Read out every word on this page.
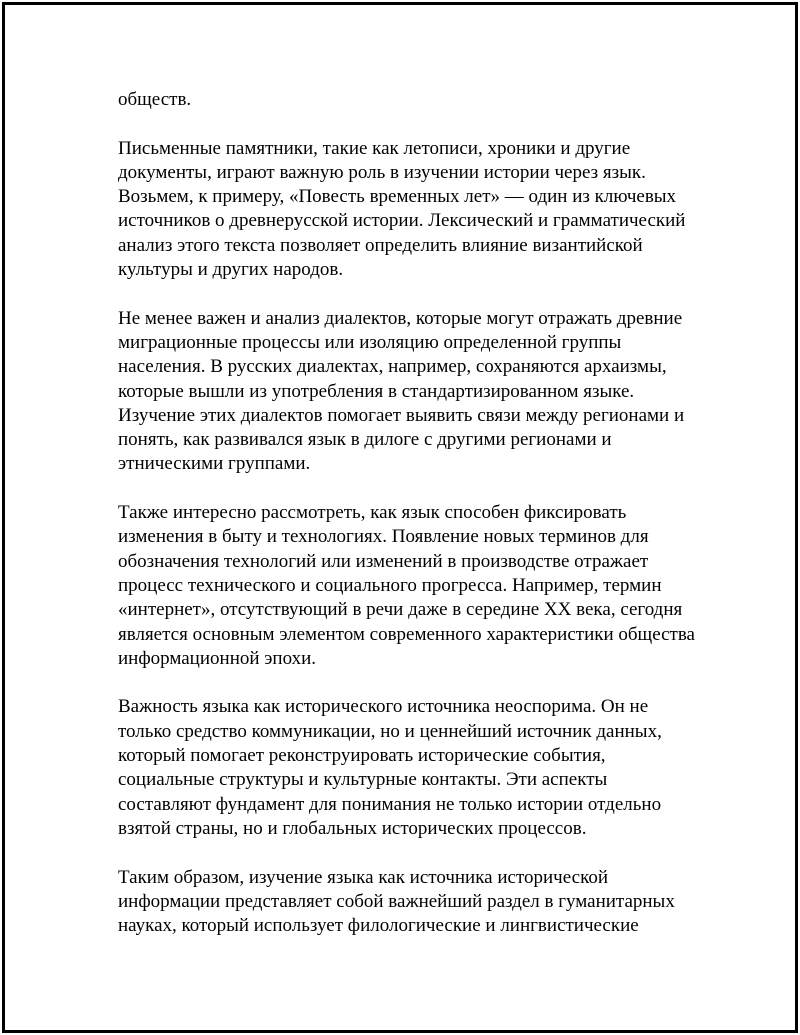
обществ.
Письменные памятники, такие как летописи, хроники и другие
документы, играют важную роль в изучении истории через язык.
Возьмем, к примеру, «Повесть временных лет» — один из ключевых
источников о древнерусской истории. Лексический и грамматический
анализ этого текста позволяет определить влияние византийской
культуры и других народов.
Не менее важен и анализ диалектов, которые могут отражать древние
миграционные процессы или изоляцию определенной группы
населения. В русских диалектах, например, сохраняются архаизмы,
которые вышли из употребления в стандартизированном языке.
Изучение этих диалектов помогает выявить связи между регионами и
понять, как развивался язык в дилоге с другими регионами и
этническими группами.
Также интересно рассмотреть, как язык способен фиксировать
изменения в быту и технологиях. Появление новых терминов для
обозначения технологий или изменений в производстве отражает
процесс технического и социального прогресса. Например, термин
«интернет», отсутствующий в речи даже в середине XX века, сегодня
является основным элементом современного характеристики общества
информационной эпохи.
Важность языка как исторического источника неоспорима. Он не
только средство коммуникации, но и ценнейший источник данных,
который помогает реконструировать исторические события,
социальные структуры и культурные контакты. Эти аспекты
составляют фундамент для понимания не только истории отдельно
взятой страны, но и глобальных исторических процессов.
Таким образом, изучение языка как источника исторической
информации представляет собой важнейший раздел в гуманитарных
науках, который использует филологические и лингвистические
